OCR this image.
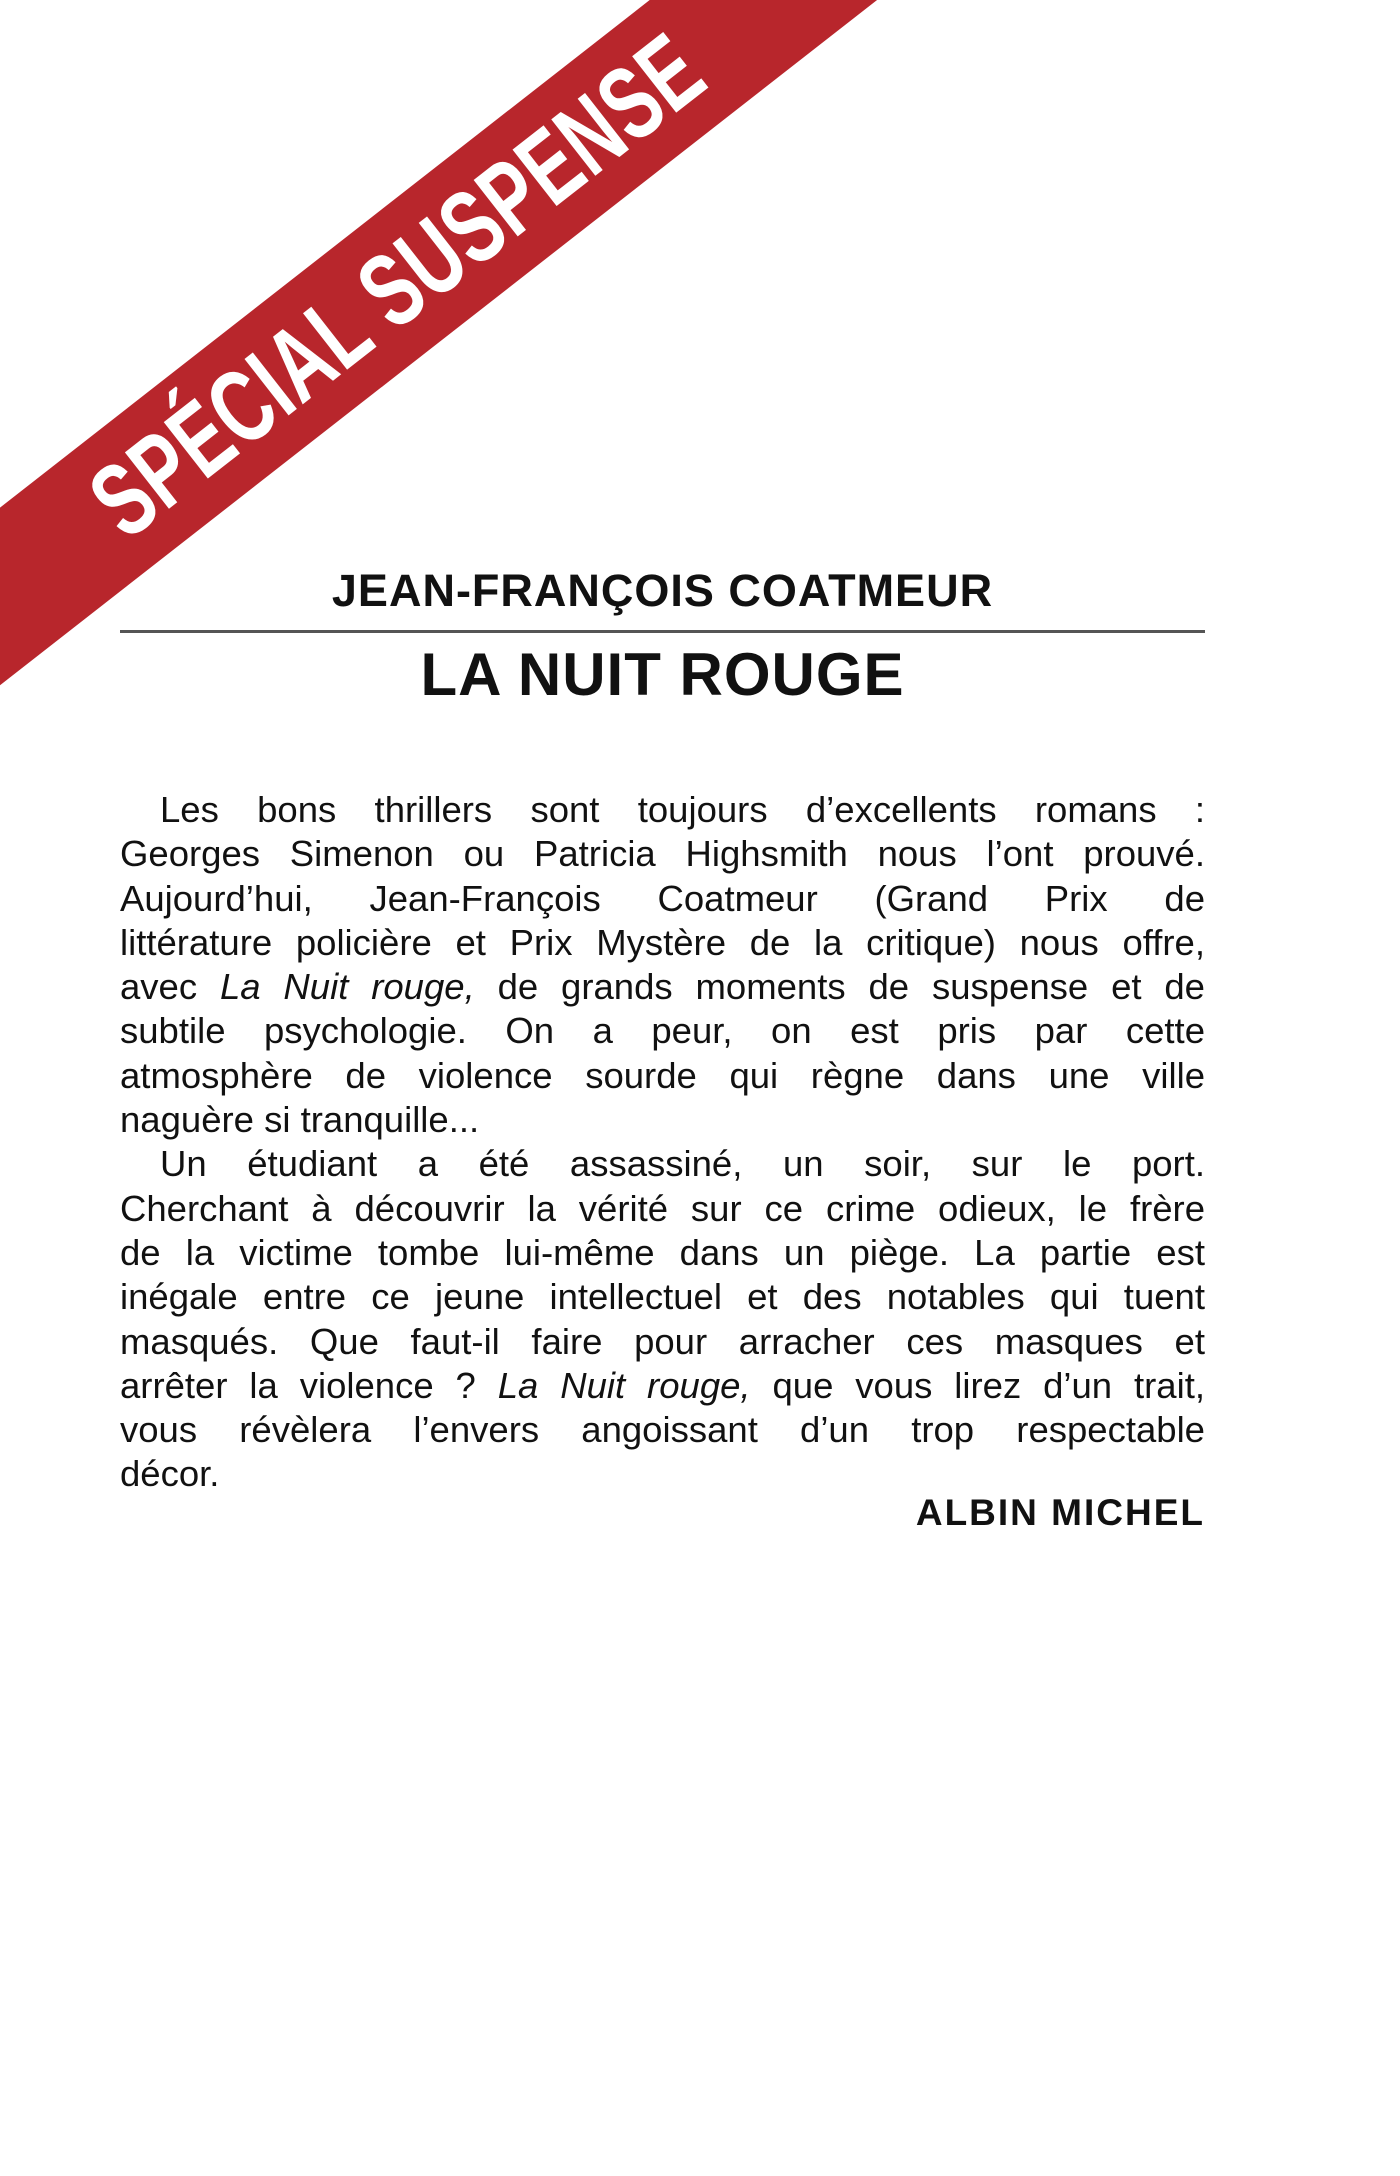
SPÉCIAL SUSPENSE
JEAN-FRANÇOIS COATMEUR
LA NUIT ROUGE
Les bons thrillers sont toujours d’excellents romans :
Georges Simenon ou Patricia Highsmith nous l’ont prouvé.
Aujourd’hui, Jean-François Coatmeur (Grand Prix de
littérature policière et Prix Mystère de la critique) nous offre,
avec La Nuit rouge, de grands moments de suspense et de
subtile psychologie. On a peur, on est pris par cette
atmosphère de violence sourde qui règne dans une ville
naguère si tranquille...
Un étudiant a été assassiné, un soir, sur le port.
Cherchant à découvrir la vérité sur ce crime odieux, le frère
de la victime tombe lui-même dans un piège. La partie est
inégale entre ce jeune intellectuel et des notables qui tuent
masqués. Que faut-il faire pour arracher ces masques et
arrêter la violence ? La Nuit rouge, que vous lirez d’un trait,
vous révèlera l’envers angoissant d’un trop respectable
décor.
ALBIN MICHEL
